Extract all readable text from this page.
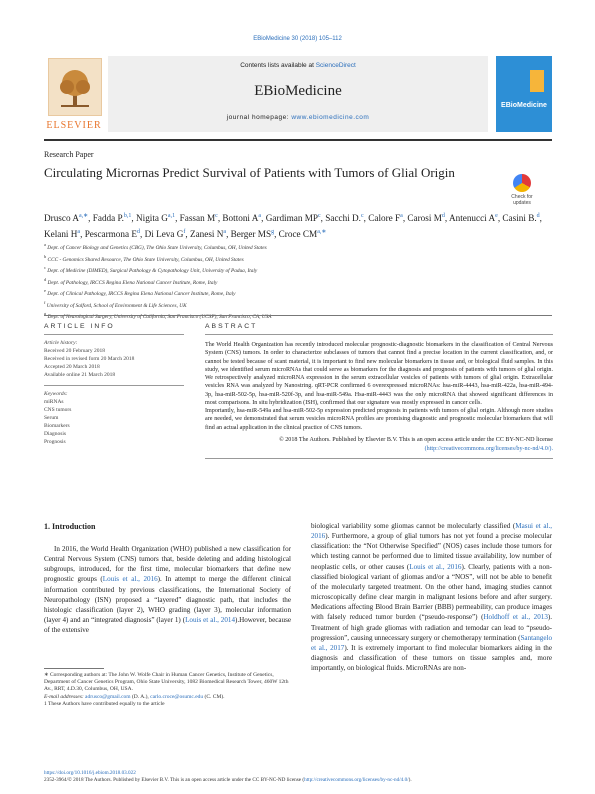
EBioMedicine 30 (2018) 105–112
ELSEVIER
Contents lists available at ScienceDirect
EBioMedicine
journal homepage: www.ebiomedicine.com
EBioMedicine
Research Paper
Circulating Micrornas Predict Survival of Patients with Tumors of Glial Origin
Check for updates
Drusco $A^{a,∗}$, Fadda P.$^{b,1}$, Nigita G$^{a,1}$, Fassan $M^c$, Bottoni $A^a$, Gardiman $MP^c$, Sacchi D.$^c$, Calore $F^a$, Carosi $M^d$, Antenucci $A^e$, Casini B.$^d$, Kelani $H^a$, Pescarmona $E^d$, Di Leva $G^f$, Zanesi $N^a$, Berger $MS^g$, Croce $CM^{a,∗}$
$^a$ Dept. of Cancer Biology and Genetics (CBG), The Ohio State University, Columbus, OH, United States
$^b$ CCC - Genomics Shared Resource, The Ohio State University, Columbus, OH, United States
$^c$ Dept. of Medicine (DIMED), Surgical Pathology & Cytopathology Unit, University of Padua, Italy
$^d$ Dept. of Pathology, IRCCS Regina Elena National Cancer Institute, Rome, Italy
$^e$ Dept. of Clinical Pathology, IRCCS Regina Elena National Cancer Institute, Rome, Italy
$^f$ University of Salford, School of Environment & Life Sciences, UK
$^g$ Dept. of Neurological Surgery, University of California, San Francisco (UCSF), San Francisco, CA, USA
ARTICLE INFO
Article history:
Received 20 February 2018
Received in revised form 20 March 2018
Accepted 20 March 2018
Available online 21 March 2018
Keywords:
miRNAs
CNS tumors
Serum
Biomarkers
Diagnosis
Prognosis
ABSTRACT
The World Health Organization has recently introduced molecular prognostic-diagnostic biomarkers in the classification of Central Nervous System (CNS) tumors. In order to characterize subclasses of tumors that cannot find a precise location in the current classification, and, or cannot be tested because of scant material, it is important to find new molecular biomarkers in tissue and, or biological fluid samples. In this study, we identified serum microRNAs that could serve as biomarkers for the diagnosis and prognosis of patients with tumors of glial origin. We retrospectively analyzed microRNA expression in the serum extracellular vesicles of patients with tumors of glial origin. Extracellular vesicles RNA was analyzed by Nanostring. qRT-PCR confirmed 6 overexpressed microRNAs: hsa-miR-4443, hsa-miR-422a, hsa-miR-494-3p, hsa-miR-502-5p, hsa-miR-520f-3p, and hsa-miR-549a. Hsa-miR-4443 was the only microRNA that showed significant differences in most comparisons. In situ hybridization (ISH), confirmed that our signature was mostly expressed in cancer cells.
Importantly, hsa-miR-549a and hsa-miR-502-5p expression predicted prognosis in patients with tumors of glial origin. Although more studies are needed, we demonstrated that serum vesicles microRNA profiles are promising diagnostic and prognostic molecular biomarkers that will find an actual application in the clinical practice of CNS tumors.
© 2018 The Authors. Published by Elsevier B.V. This is an open access article under the CC BY-NC-ND license
(http://creativecommons.org/licenses/by-nc-nd/4.0/).
1. Introduction
In 2016, the World Health Organization (WHO) published a new classification for Central Nervous System (CNS) tumors that, beside deleting and adding histological subgroups, introduced, for the first time, molecular biomarkers that define new prognostic groups (Louis et al., 2016). In attempt to merge the different clinical information contributed by previous classifications, the International Society of Neuropathology (ISN) proposed a “layered” diagnostic path, that includes the histologic classification (layer 2), WHO grading (layer 3), molecular information (layer 4) and an “integrated diagnosis” (layer 1) (Louis et al., 2014).However, because of the extensive
biological variability some gliomas cannot be molecularly classified (Masui et al., 2016). Furthermore, a group of glial tumors has not yet found a precise molecular classification: the “Not Otherwise Specified” (NOS) cases include those tumors for which testing cannot be performed due to limited tissue availability, low number of neoplastic cells, or other causes (Louis et al., 2016). Clearly, patients with a non-classified biological variant of gliomas and/or a “NOS”, will not be able to benefit of the molecularly targeted treatment. On the other hand, imaging studies cannot microscopically define clear margin in malignant lesions before and after surgery. Medications affecting Blood Brain Barrier (BBB) permeability, can produce images with falsely reduced tumor burden (“pseudo-response”) (Holdhoff et al., 2013). Treatment of high grade gliomas with radiation and temodar can lead to “pseudo-progression”, causing unnecessary surgery or chemotherapy termination (Santangelo et al., 2017). It is extremely important to find molecular biomarkers aiding in the diagnosis and classification of these tumors on tissue samples and, more importantly, on biological fluids. MicroRNAs are non-
∗ Corresponding authors at: The John W. Wolfe Chair in Human Cancer Genetics, Institute of Genetics, Department of Cancer Genetics Program, Ohio State University, 1082 Biomedical Research Tower, 460W 12th Av., RRT, 4.D.30, Columbus, OH, USA.
E-mail addresses: adrusco@gmail.com (D. A.), carlo.croce@osumc.edu (C. CM).
1 These Authors have contributed equally to the article
https://doi.org/10.1016/j.ebiom.2018.03.022
2352-3964/© 2018 The Authors. Published by Elsevier B.V. This is an open access article under the CC BY-NC-ND license (http://creativecommons.org/licenses/by-nc-nd/4.0/).
